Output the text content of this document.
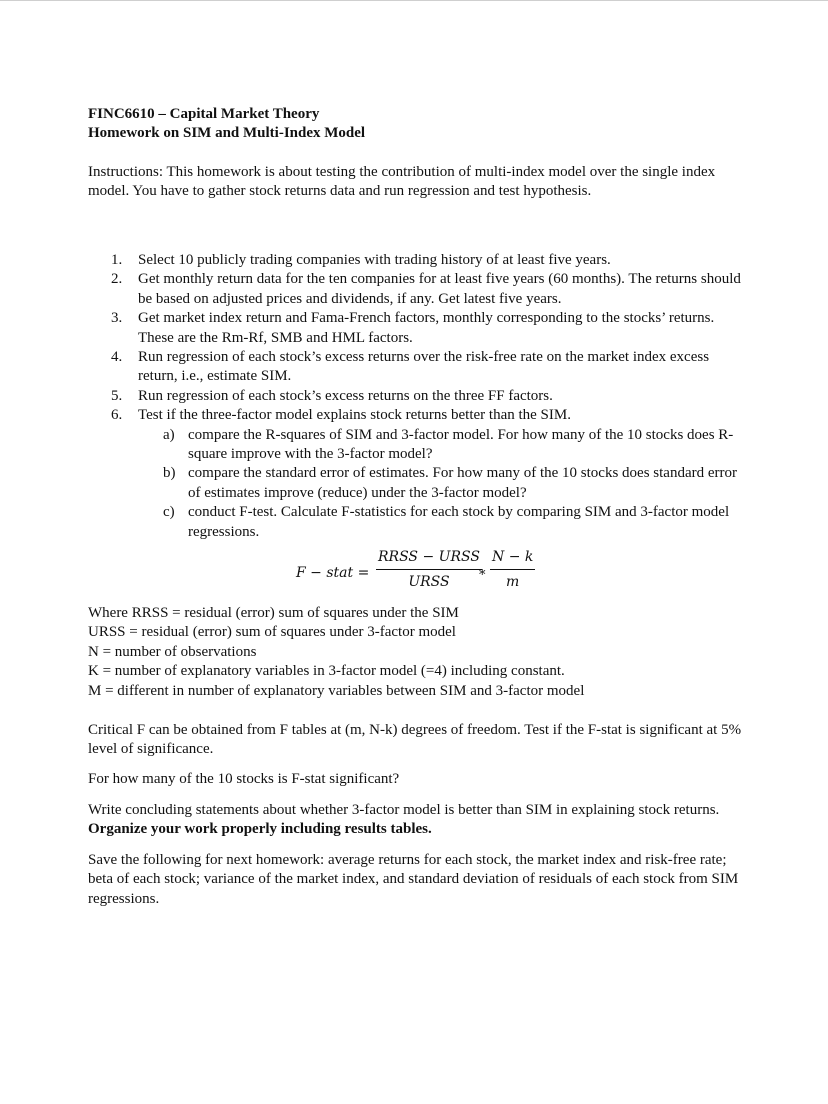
FINC6610 – Capital Market Theory
Homework on SIM and Multi-Index Model
Instructions: This homework is about testing the contribution of multi-index model over the single index model. You have to gather stock returns data and run regression and test hypothesis.
1. Select 10 publicly trading companies with trading history of at least five years.
2. Get monthly return data for the ten companies for at least five years (60 months). The returns should be based on adjusted prices and dividends, if any. Get latest five years.
3. Get market index return and Fama-French factors, monthly corresponding to the stocks’ returns. These are the Rm-Rf, SMB and HML factors.
4. Run regression of each stock’s excess returns over the risk-free rate on the market index excess return, i.e., estimate SIM.
5. Run regression of each stock’s excess returns on the three FF factors.
6. Test if the three-factor model explains stock returns better than the SIM.
a) compare the R-squares of SIM and 3-factor model. For how many of the 10 stocks does R-square improve with the 3-factor model?
b) compare the standard error of estimates. For how many of the 10 stocks does standard error of estimates improve (reduce) under the 3-factor model?
c) conduct F-test. Calculate F-statistics for each stock by comparing SIM and 3-factor model regressions.
F − stat =
RRSS − URSS
URSS	*
N − k
m
Where RRSS = residual (error) sum of squares under the SIM
URSS = residual (error) sum of squares under 3-factor model
N = number of observations
K = number of explanatory variables in 3-factor model (=4) including constant.
M = different in number of explanatory variables between SIM and 3-factor model
Critical F can be obtained from F tables at (m, N-k) degrees of freedom. Test if the F-stat is significant at 5% level of significance.
For how many of the 10 stocks is F-stat significant?
Write concluding statements about whether 3-factor model is better than SIM in explaining stock returns. Organize your work properly including results tables.
Save the following for next homework: average returns for each stock, the market index and risk-free rate; beta of each stock; variance of the market index, and standard deviation of residuals of each stock from SIM regressions.
